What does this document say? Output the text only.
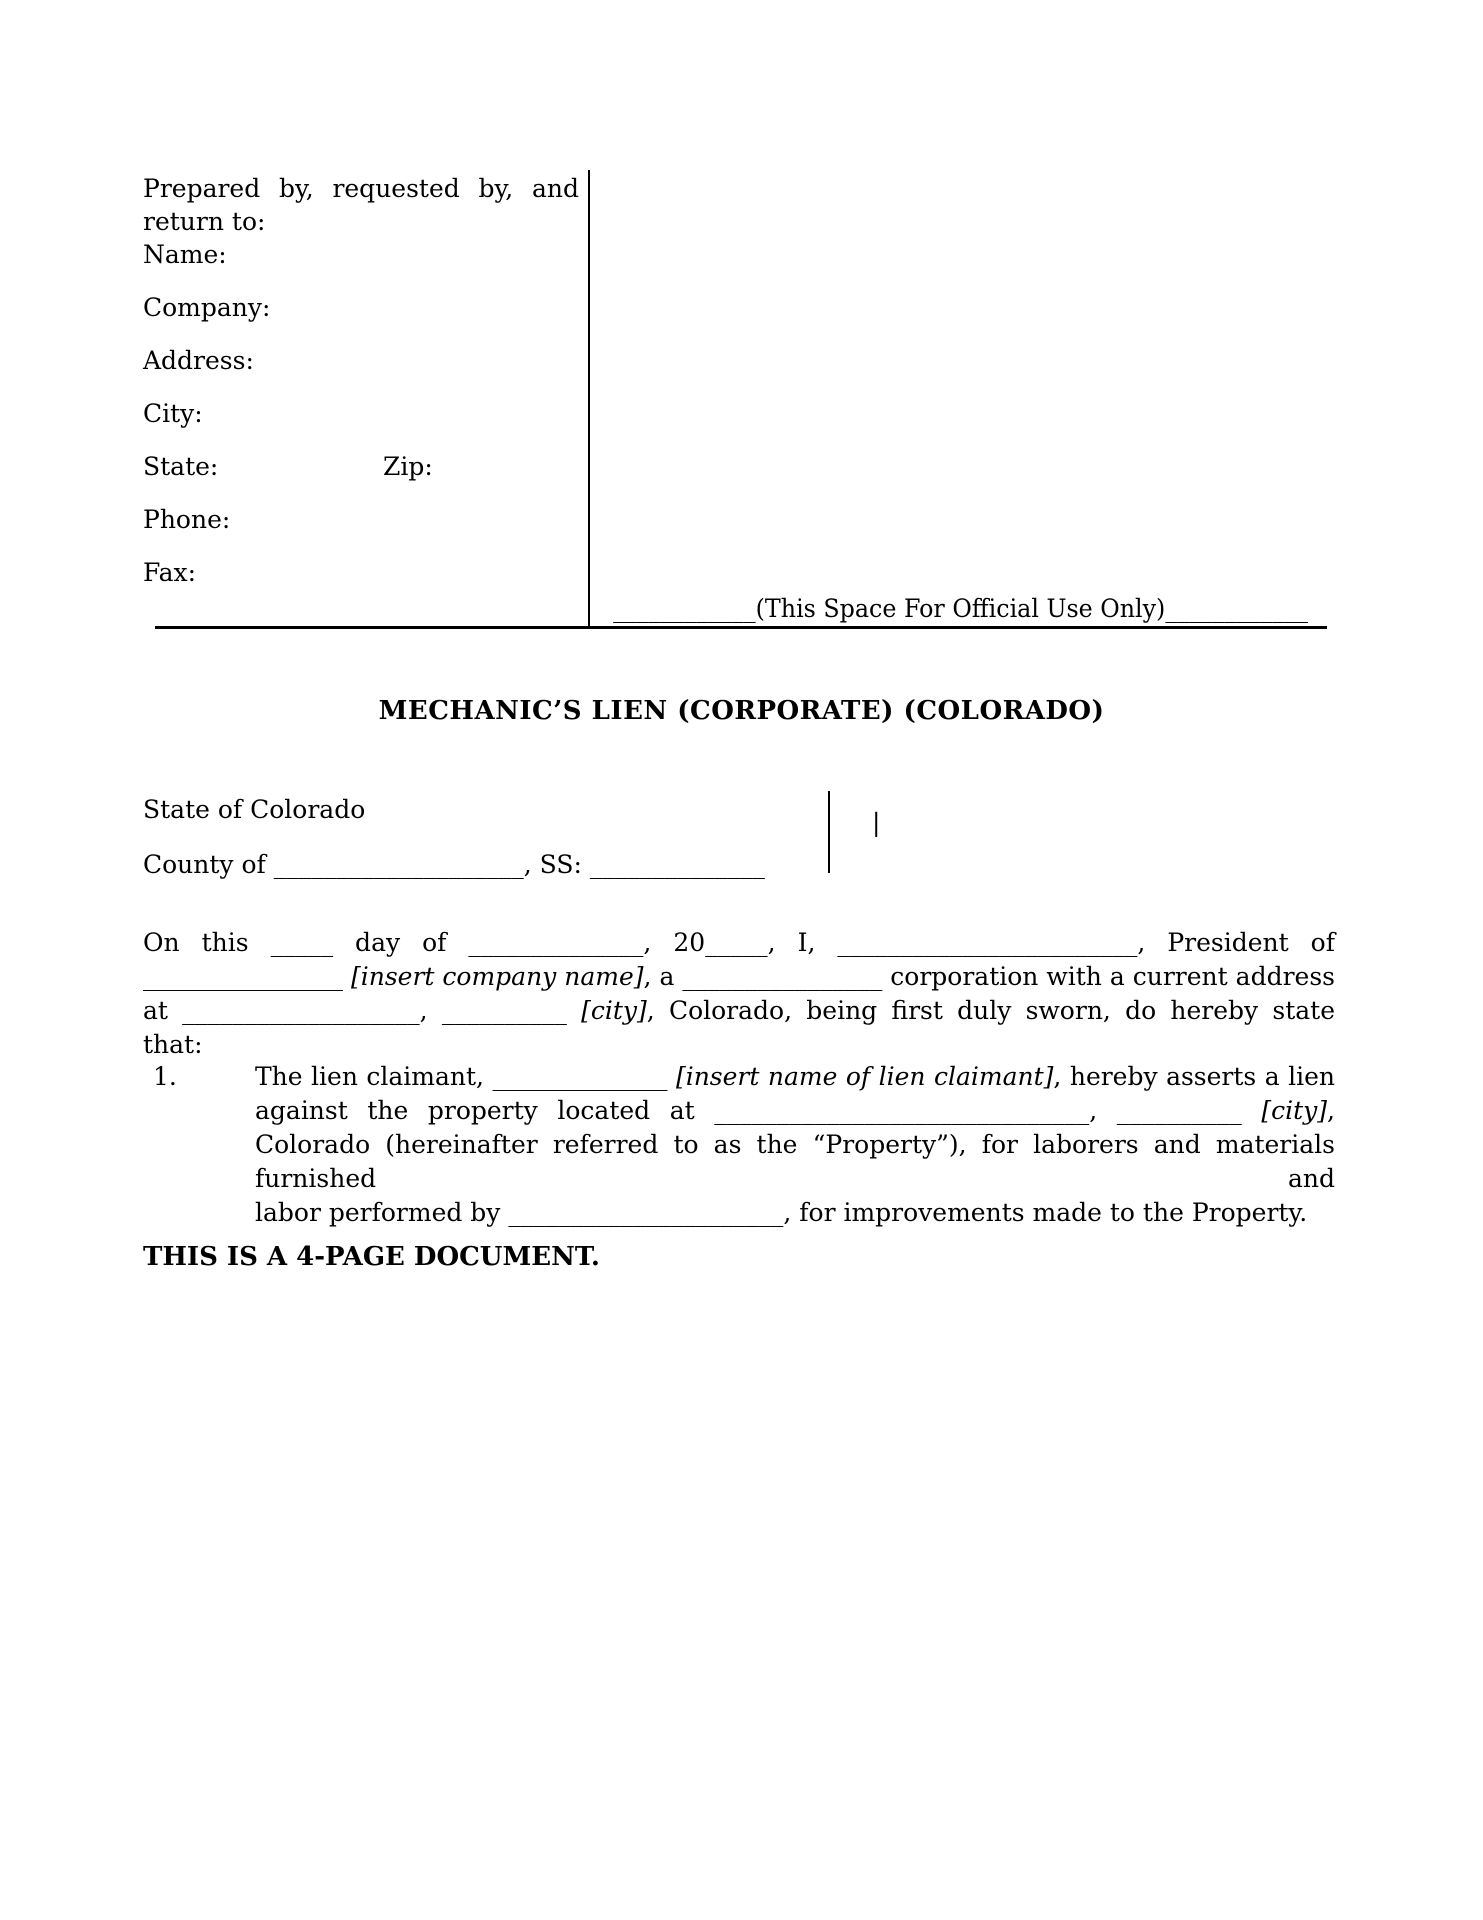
Prepared by, requested by, and
return to:
Name:
Company:
Address:
City:
State:	Zip:
Phone:
Fax:
____________(This Space For Official Use Only)____________
MECHANIC’S LIEN (CORPORATE) (COLORADO)
State of Colorado
County of ____________________, SS: ______________
|
On this _____ day of ______________, 20_____, I, ________________________, President of
________________ [insert company name], a ________________ corporation with a current address
at ___________________, __________ [city], Colorado, being first duly sworn, do hereby state
that:
1.	The lien claimant, ______________ [insert name of lien claimant], hereby asserts a lien
against the property located at ______________________________, __________ [city],
Colorado (hereinafter referred to as the “Property”), for laborers and materials furnished and
labor performed by ______________________, for improvements made to the Property.
THIS IS A 4-PAGE DOCUMENT.
